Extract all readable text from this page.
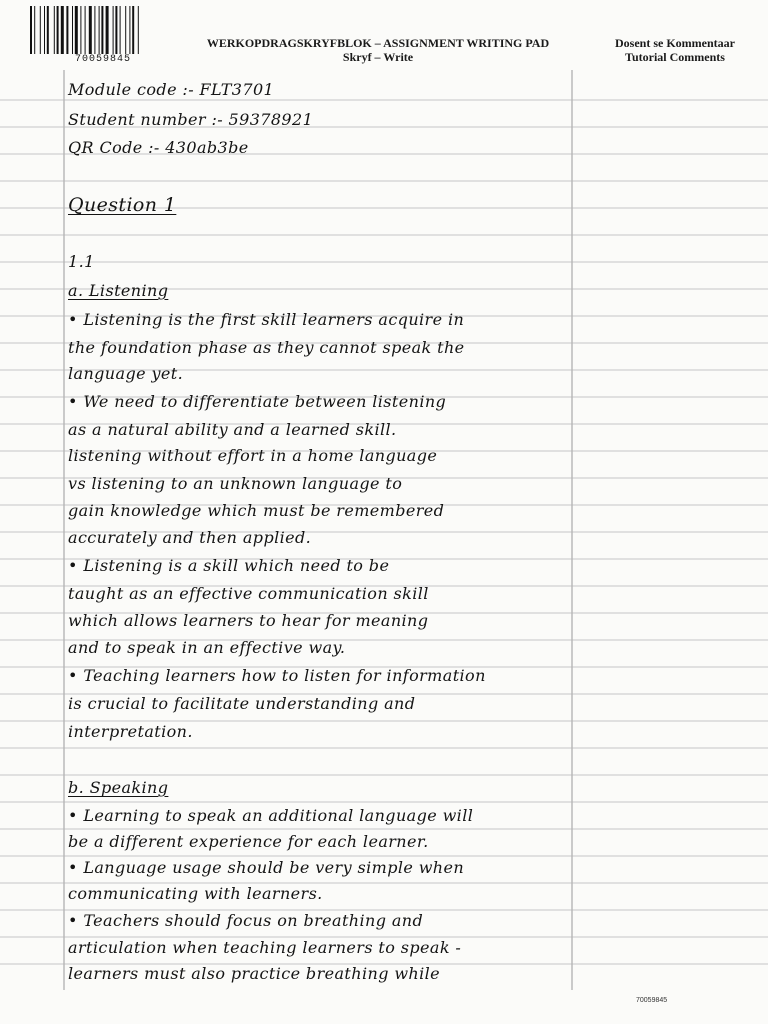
70059845
WERKOPDRAGSKRYFBLOK – ASSIGNMENT WRITING PAD
Skryf – Write
Dosent se Kommentaar
Tutorial Comments
Module code :- FLT3701
Student number :- 59378921
QR Code :- 430ab3be
Question 1
1.1
a. Listening
• Listening is the first skill learners acquire in
the foundation phase as they cannot speak the
language yet.
• We need to differentiate between listening
as a natural ability and a learned skill.
listening without effort in a home language
vs listening to an unknown language to
gain knowledge which must be remembered
accurately and then applied.
• Listening is a skill which need to be
taught as an effective communication skill
which allows learners to hear for meaning
and to speak in an effective way.
• Teaching learners how to listen for information
is crucial to facilitate understanding and
interpretation.
b. Speaking
• Learning to speak an additional language will
be a different experience for each learner.
• Language usage should be very simple when
communicating with learners.
• Teachers should focus on breathing and
articulation when teaching learners to speak -
learners must also practice breathing while
70059845
